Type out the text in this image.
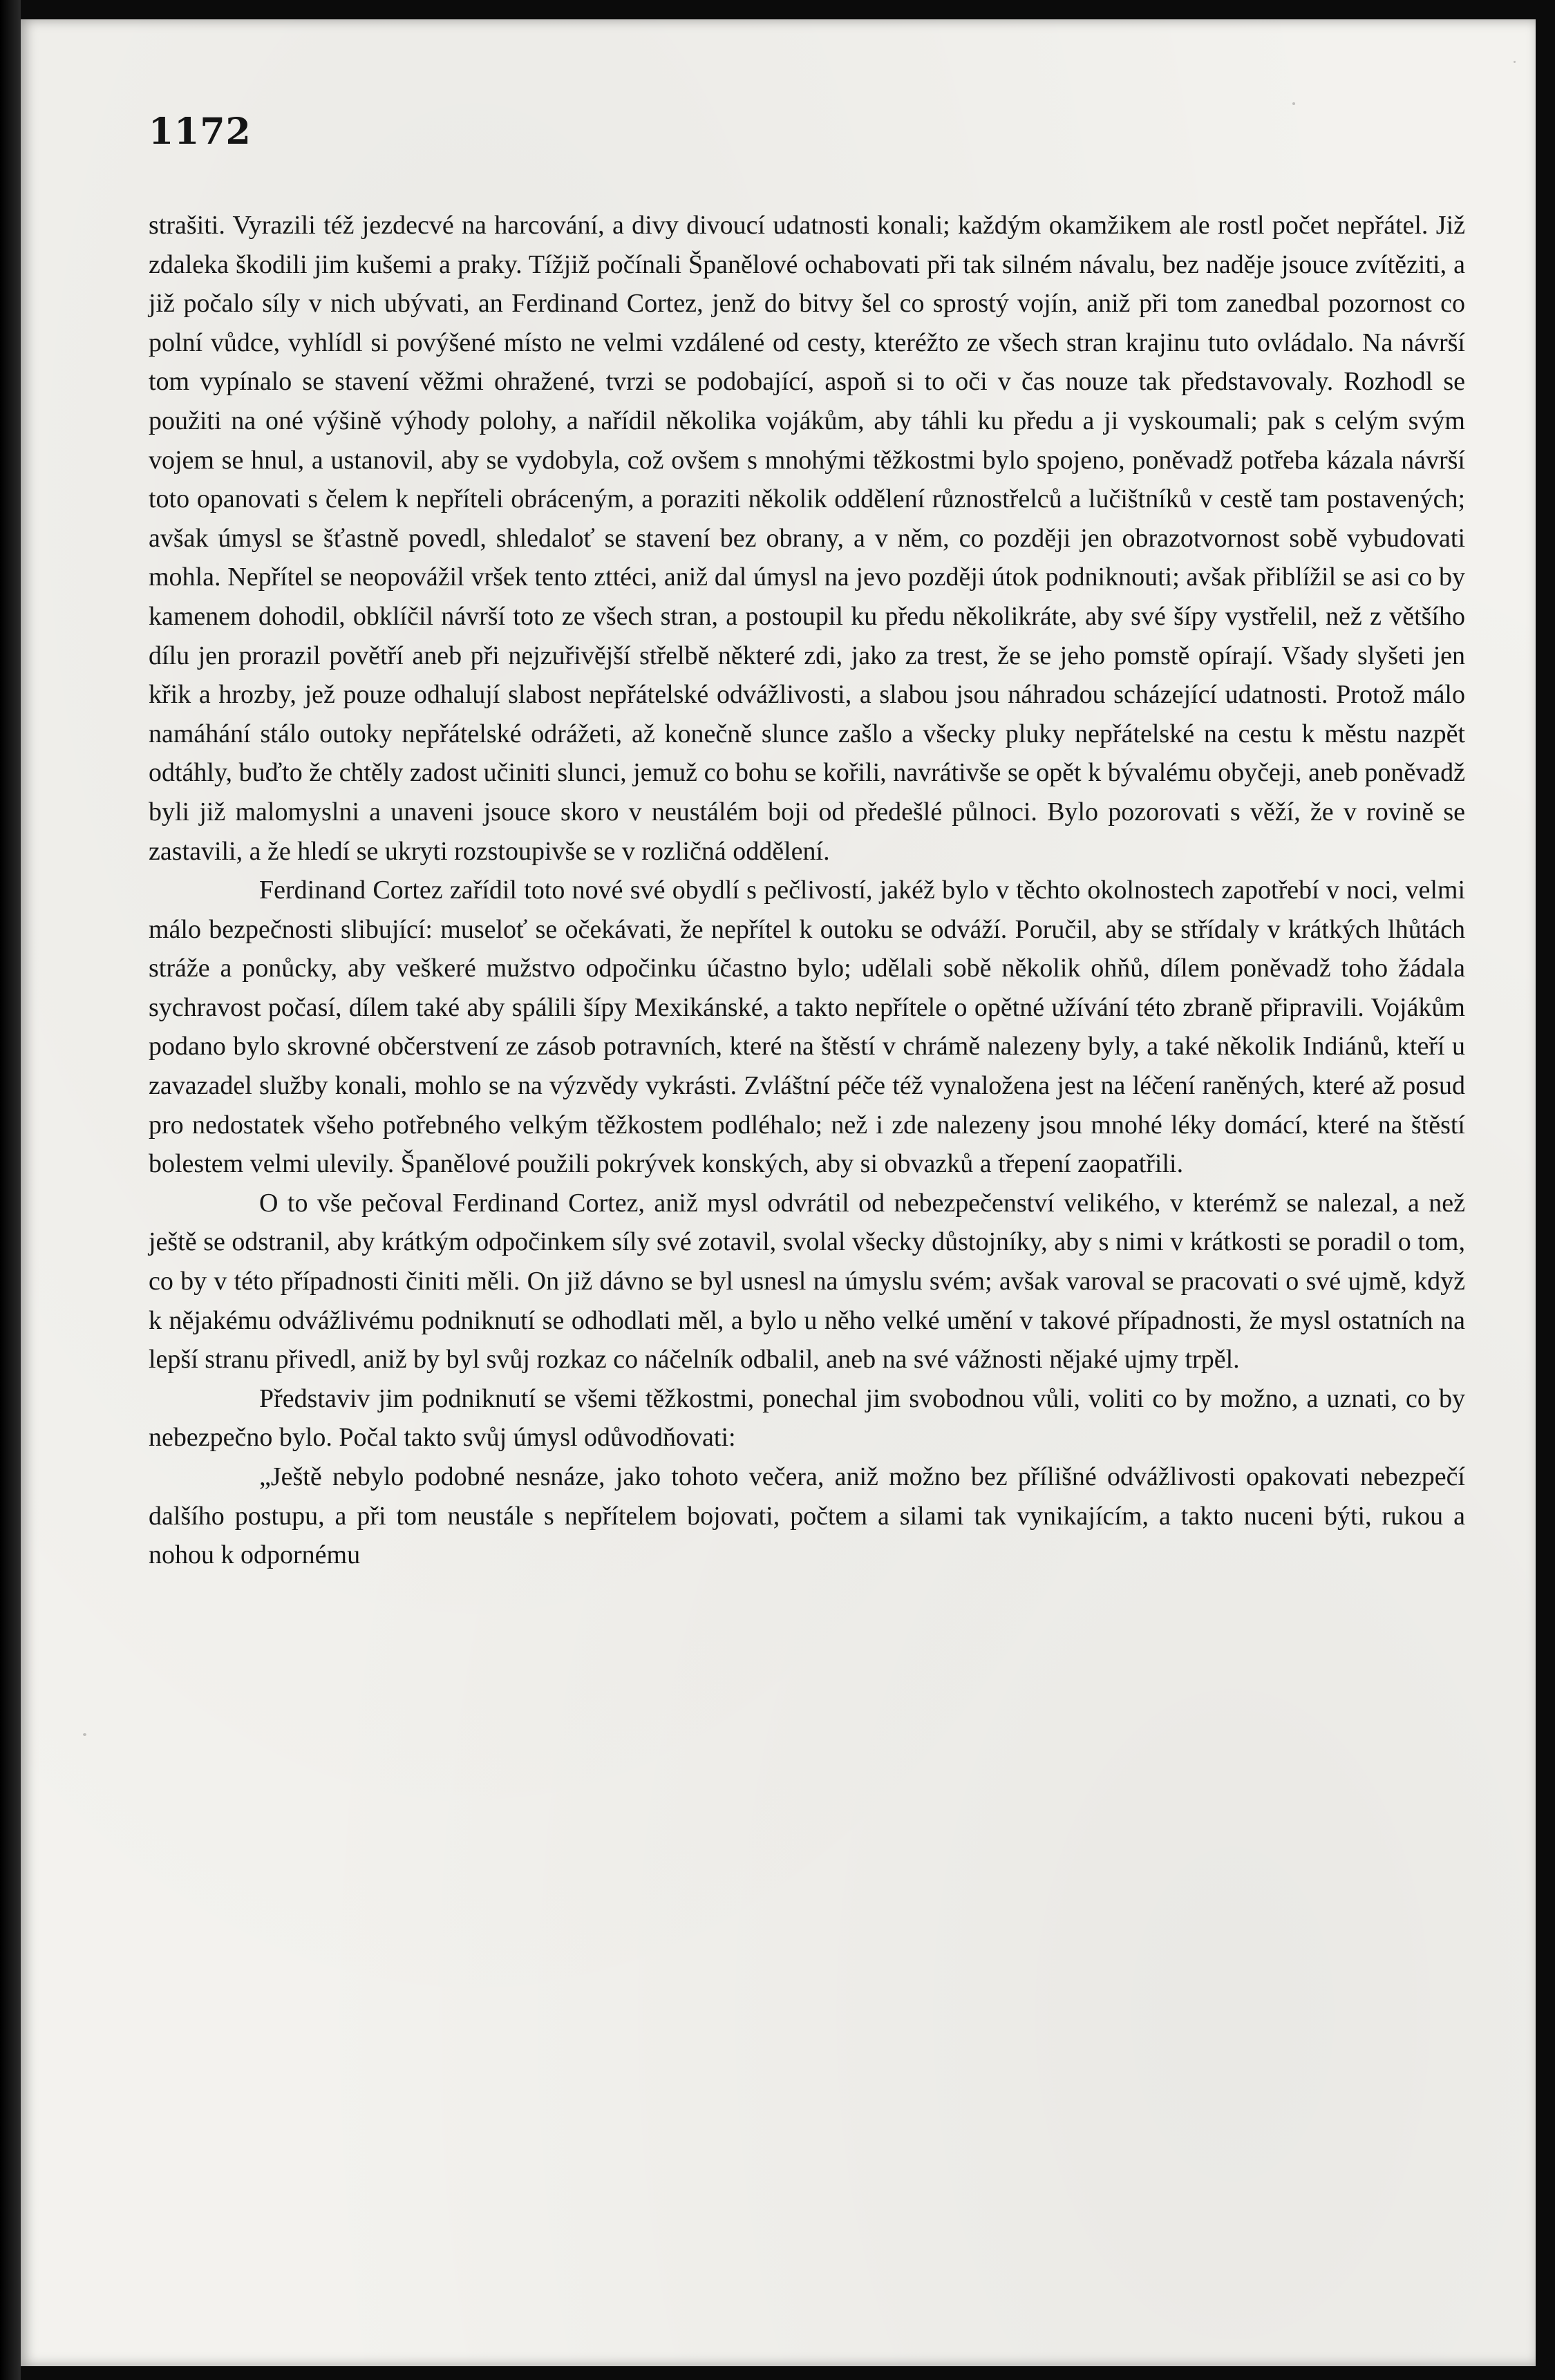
1172

strašiti. Vyrazili též jezdecvé na harcování, a divy divoucí udatnosti konali; každým okamžikem ale rostl počet nepřátel. Již zdaleka škodili jim kušemi a praky. Tížjiž počínali Španělové ochabovati při tak silném návalu, bez naděje jsouce zvítěziti, a již počalo síly v nich ubývati, an Ferdinand Cortez, jenž do bitvy šel co sprostý vojín, aniž při tom zanedbal pozornost co polní vůdce, vyhlídl si povýšené místo ne velmi vzdálené od cesty, kteréžto ze všech stran krajinu tuto ovládalo. Na návrší tom vypínalo se stavení věžmi ohražené, tvrzi se podobající, aspoň si to oči v čas nouze tak představovaly. Rozhodl se použiti na oné výšině výhody polohy, a nařídil několika vojákům, aby táhli ku předu a ji vyskoumali; pak s celým svým vojem se hnul, a ustanovil, aby se vydobyla, což ovšem s mnohými těžkostmi bylo spojeno, poněvadž potřeba kázala návrší toto opanovati s čelem k nepříteli obráceným, a poraziti několik oddělení různostřelců a lučištníků v cestě tam postavených; avšak úmysl se šťastně povedl, shledaloť se stavení bez obrany, a v něm, co později jen obrazotvornost sobě vybudovati mohla. Nepřítel se neopovážil vršek tento zttéci, aniž dal úmysl na jevo později útok podniknouti; avšak přiblížil se asi co by kamenem dohodil, obklíčil návrší toto ze všech stran, a postoupil ku předu několikráte, aby své šípy vystřelil, než z většího dílu jen prorazil povětří aneb při nejzuřivější střelbě některé zdi, jako za trest, že se jeho pomstě opírají. Všady slyšeti jen křik a hrozby, jež pouze odhalují slabost nepřátelské odvážlivosti, a slabou jsou náhradou scházející udatnosti. Protož málo namáhání stálo outoky nepřátelské odrážeti, až konečně slunce zašlo a všecky pluky nepřátelské na cestu k městu nazpět odtáhly, buďto že chtěly zadost učiniti slunci, jemuž co bohu se kořili, navrátivše se opět k bývalému obyčeji, aneb poněvadž byli již malomyslni a unaveni jsouce skoro v neustálém boji od předešlé půlnoci. Bylo pozorovati s věží, že v rovině se zastavili, a že hledí se ukryti rozstoupivše se v rozličná oddělení.

Ferdinand Cortez zařídil toto nové své obydlí s pečlivostí, jakéž bylo v těchto okolnostech zapotřebí v noci, velmi málo bezpečnosti slibující: museloť se očekávati, že nepřítel k outoku se odváží. Poručil, aby se střídaly v krátkých lhůtách stráže a ponůcky, aby veškeré mužstvo odpočinku účastno bylo; udělali sobě několik ohňů, dílem poněvadž toho žádala sychravost počasí, dílem také aby spálili šípy Mexikánské, a takto nepřítele o opětné užívání této zbraně připravili. Vojákům podano bylo skrovné občerstvení ze zásob potravních, které na štěstí v chrámě nalezeny byly, a také několik Indiánů, kteří u zavazadel služby konali, mohlo se na výzvědy vykrásti. Zvláštní péče též vynaložena jest na léčení raněných, které až posud pro nedostatek všeho potřebného velkým těžkostem podléhalo; než i zde nalezeny jsou mnohé léky domácí, které na štěstí bolestem velmi ulevily. Španělové použili pokrývek konských, aby si obvazků a třepení zaopatřili.

O to vše pečoval Ferdinand Cortez, aniž mysl odvrátil od nebezpečenství velikého, v kterémž se nalezal, a než ještě se odstranil, aby krátkým odpočinkem síly své zotavil, svolal všecky důstojníky, aby s nimi v krátkosti se poradil o tom, co by v této případnosti činiti měli. On již dávno se byl usnesl na úmyslu svém; avšak varoval se pracovati o své ujmě, když k nějakému odvážlivému podniknutí se odhodlati měl, a bylo u něho velké umění v takové případnosti, že mysl ostatních na lepší stranu přivedl, aniž by byl svůj rozkaz co náčelník odbalil, aneb na své vážnosti nějaké ujmy trpěl.

Představiv jim podniknutí se všemi těžkostmi, ponechal jim svobodnou vůli, voliti co by možno, a uznati, co by nebezpečno bylo. Počal takto svůj úmysl odůvodňovati:

„Ještě nebylo podobné nesnáze, jako tohoto večera, aniž možno bez přílišné odvážlivosti opakovati nebezpečí dalšího postupu, a při tom neustále s nepřítelem bojovati, počtem a silami tak vynikajícím, a takto nuceni býti, rukou a nohou k odpornému
